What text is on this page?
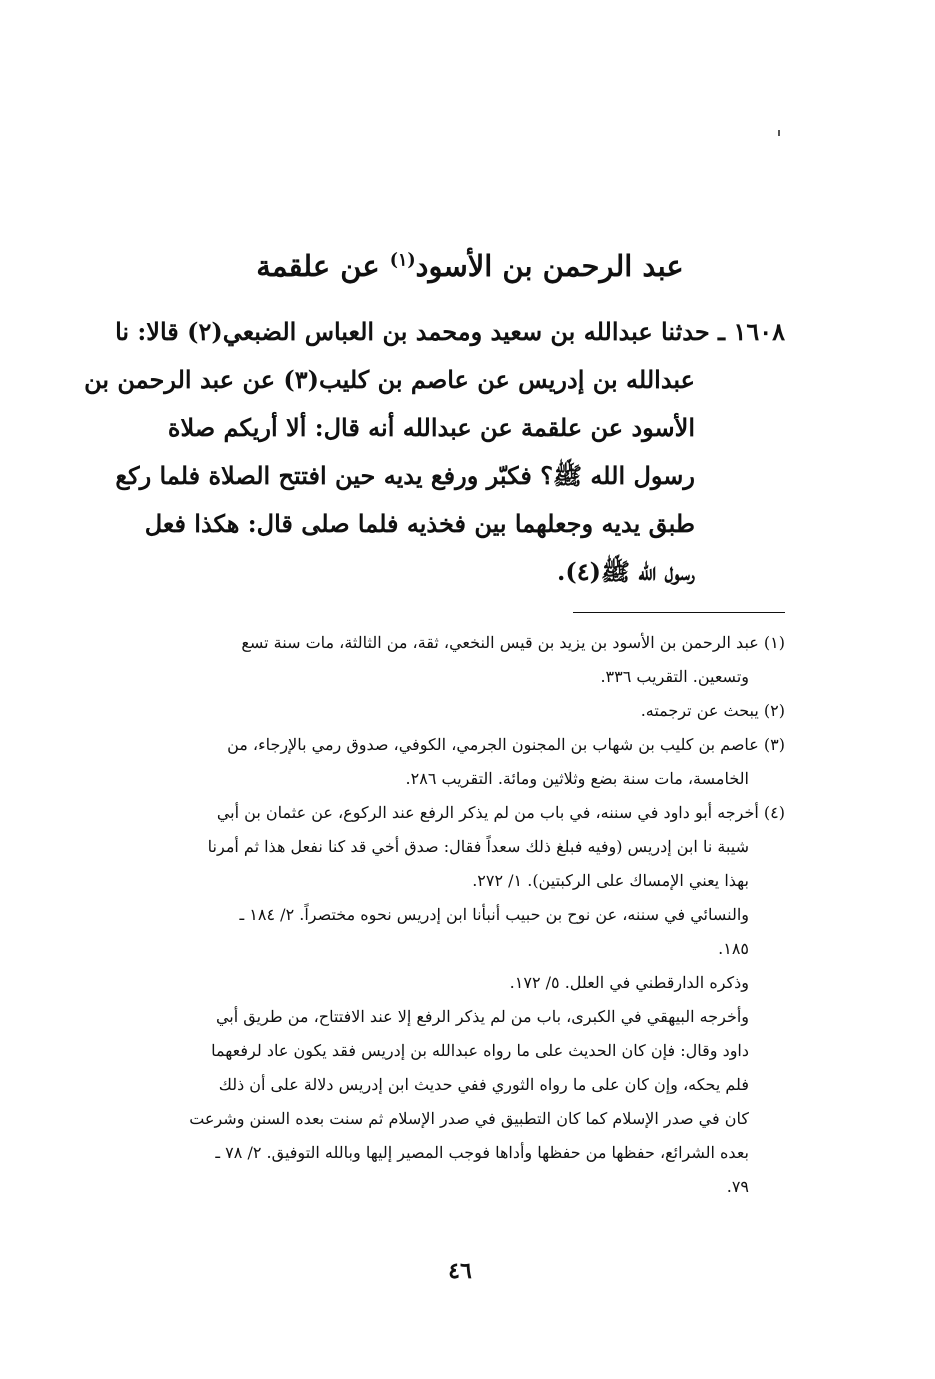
عبد الرحمن بن الأسود$^{(١)}$ عن علقمة
١٦٠٨ ـ حدثنا عبدالله بن سعيد ومحمد بن العباس الضبعي(٢) قالا: نا
عبدالله بن إدريس عن عاصم بن كليب(٣) عن عبد الرحمن بن
الأسود عن علقمة عن عبدالله أنه قال: ألا أريكم صلاة
رسول الله ﷺ؟ فكبّر ورفع يديه حين افتتح الصلاة فلما ركع
طبق يديه وجعلهما بين فخذيه فلما صلى قال: هكذا فعل
رسول الله ﷺ(٤).
(١) عبد الرحمن بن الأسود بن يزيد بن قيس النخعي، ثقة، من الثالثة، مات سنة تسع
وتسعين. التقريب ٣٣٦.
(٢) يبحث عن ترجمته.
(٣) عاصم بن كليب بن شهاب بن المجنون الجرمي، الكوفي، صدوق رمي بالإرجاء، من
الخامسة، مات سنة بضع وثلاثين ومائة. التقريب ٢٨٦.
(٤) أخرجه أبو داود في سننه، في باب من لم يذكر الرفع عند الركوع، عن عثمان بن أبي
شيبة نا ابن إدريس (وفيه فبلغ ذلك سعداً فقال: صدق أخي قد كنا نفعل هذا ثم أمرنا
بهذا يعني الإمساك على الركبتين). ١/ ٢٧٢.
والنسائي في سننه، عن نوح بن حبيب أنبأنا ابن إدريس نحوه مختصراً. ٢/ ١٨٤ ـ
١٨٥.
وذكره الدارقطني في العلل. ٥/ ١٧٢.
وأخرجه البيهقي في الكبرى، باب من لم يذكر الرفع إلا عند الافتتاح، من طريق أبي
داود وقال: فإن كان الحديث على ما رواه عبدالله بن إدريس فقد يكون عاد لرفعهما
فلم يحكه، وإن كان على ما رواه الثوري ففي حديث ابن إدريس دلالة على أن ذلك
كان في صدر الإسلام كما كان التطبيق في صدر الإسلام ثم سنت بعده السنن وشرعت
بعده الشرائع، حفظها من حفظها وأداها فوجب المصير إليها وبالله التوفيق. ٢/ ٧٨ ـ
٧٩.
٤٦
